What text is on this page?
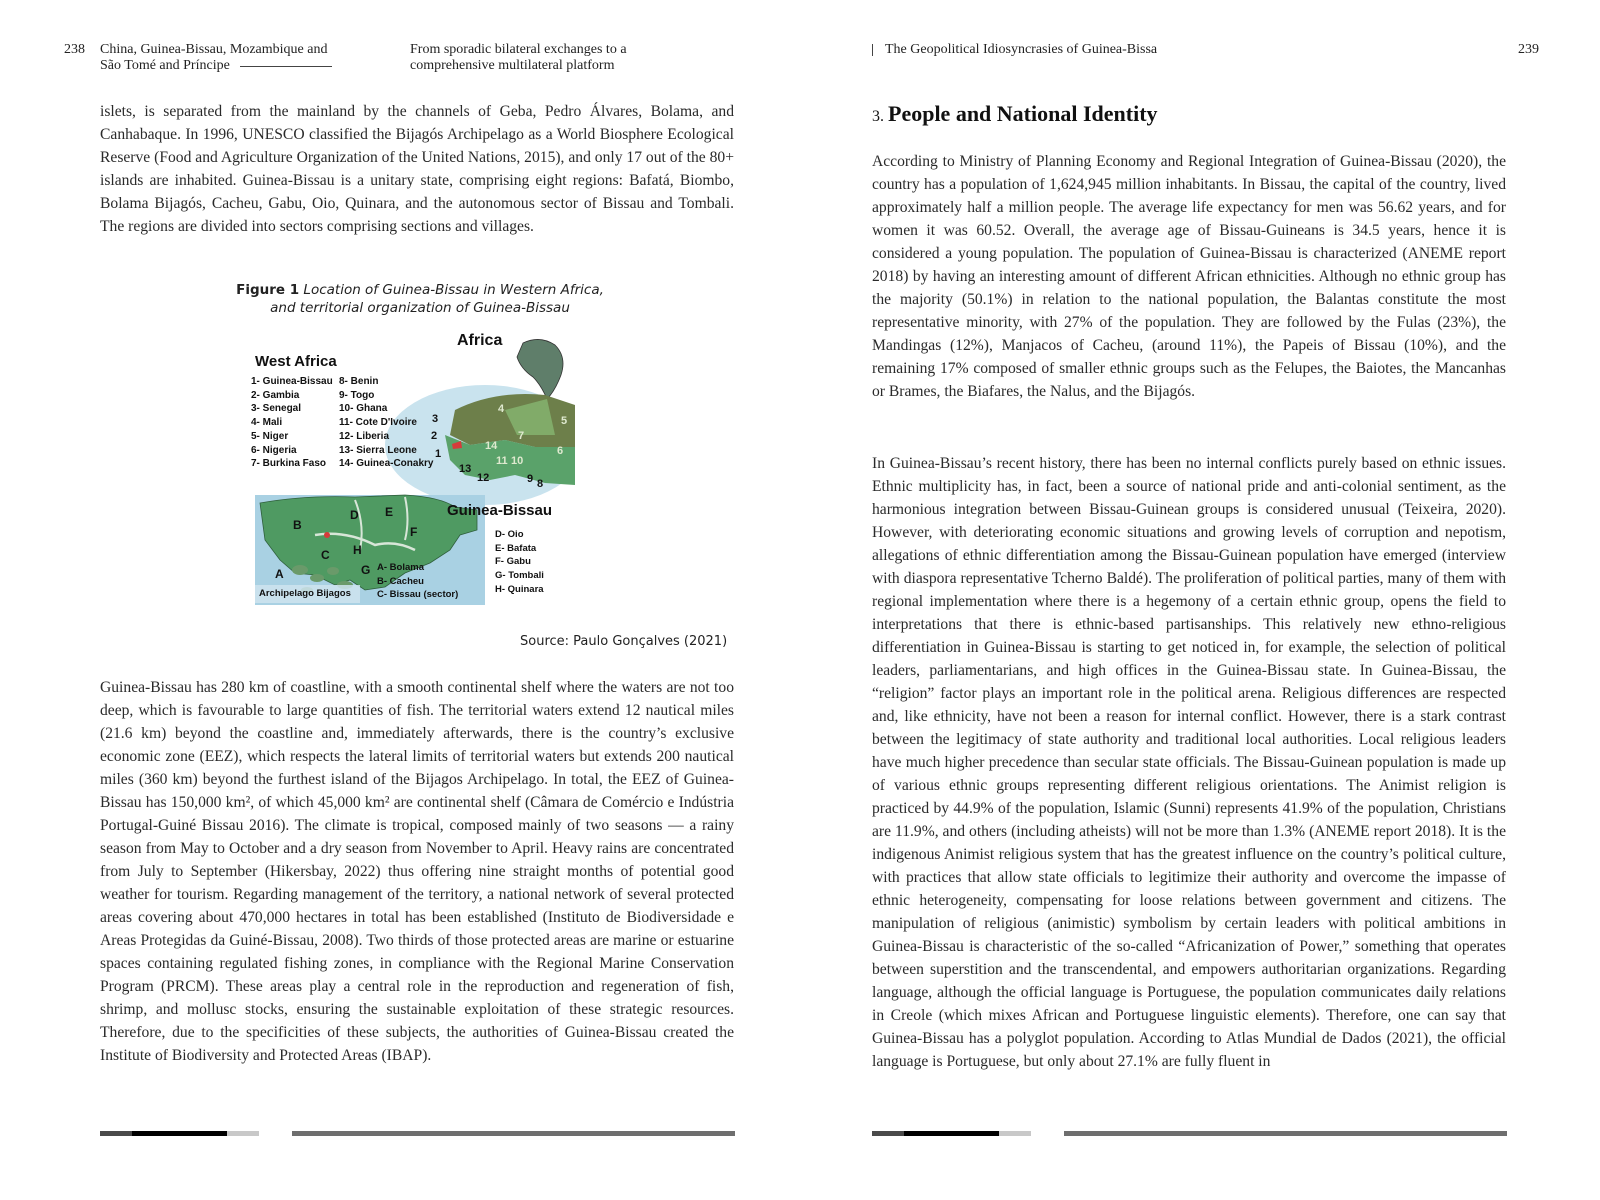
238 China, Guinea-Bissau, Mozambique and
São Tomé and Príncipe
From sporadic bilateral exchanges to a
comprehensive multilateral platform

islets, is separated from the mainland by the channels of Geba, Pedro Álvares, Bolama, and Canhabaque. In 1996, UNESCO classified the Bijagós Archipelago as a World Biosphere Ecological Reserve (Food and Agriculture Organization of the United Nations, 2015), and only 17 out of the 80+ islands are inhabited. Guinea-Bissau is a unitary state, comprising eight regions: Bafatá, Biombo, Bolama Bijagós, Cacheu, Gabu, Oio, Quinara, and the autonomous sector of Bissau and Tombali. The regions are divided into sectors comprising sections and villages.

Figure 1 Location of Guinea-Bissau in Western Africa,
and territorial organization of Guinea-Bissau
Africa
West Africa
1- Guinea-Bissau
2- Gambia
3- Senegal
4- Mali
5- Niger
6- Nigeria
7- Burkina Faso
8- Benin
9- Togo
10- Ghana
11- Cote D'Ivoire
12- Liberia
13- Sierra Leone
14- Guinea-Conakry
1
2
3
4
5
6
7
8
9
10
11
12
13
14
Guinea-Bissau
A
B
C
D E
F
G
H
A- Bolama
B- Cacheu
C- Bissau (sector)
D- Oio
E- Bafata
F- Gabu
G- Tombali
H- Quinara
Archipelago Bijagos
Source: Paulo Gonçalves (2021)

Guinea-Bissau has 280 km of coastline, with a smooth continental shelf where the waters are not too deep, which is favourable to large quantities of fish. The territorial waters extend 12 nautical miles (21.6 km) beyond the coastline and, immediately afterwards, there is the country’s exclusive economic zone (EEZ), which respects the lateral limits of territorial waters but extends 200 nautical miles (360 km) beyond the furthest island of the Bijagos Archipelago. In total, the EEZ of Guinea-Bissau has 150,000 km², of which 45,000 km² are continental shelf (Câmara de Comércio e Indústria Portugal-Guiné Bissau 2016). The climate is tropical, composed mainly of two seasons — a rainy season from May to October and a dry season from November to April. Heavy rains are concentrated from July to September (Hikersbay, 2022) thus offering nine straight months of potential good weather for tourism. Regarding management of the territory, a national network of several protected areas covering about 470,000 hectares in total has been established (Instituto de Biodiversidade e Areas Protegidas da Guiné-Bissau, 2008). Two thirds of those protected areas are marine or estuarine spaces containing regulated fishing zones, in compliance with the Regional Marine Conservation Program (PRCM). These areas play a central role in the reproduction and regeneration of fish, shrimp, and mollusc stocks, ensuring the sustainable exploitation of these strategic resources. Therefore, due to the specificities of these subjects, the authorities of Guinea-Bissau created the Institute of Biodiversity and Protected Areas (IBAP).

The Geopolitical Idiosyncrasies of Guinea-Bissa	239
3. People and National Identity

According to Ministry of Planning Economy and Regional Integration of Guinea-Bissau (2020), the country has a population of 1,624,945 million inhabitants. In Bissau, the capital of the country, lived approximately half a million people. The average life expectancy for men was 56.62 years, and for women it was 60.52. Overall, the average age of Bissau-Guineans is 34.5 years, hence it is considered a young population. The population of Guinea-Bissau is characterized (ANEME report 2018) by having an interesting amount of different African ethnicities. Although no ethnic group has the majority (50.1%) in relation to the national population, the Balantas constitute the most representative minority, with 27% of the population. They are followed by the Fulas (23%), the Mandingas (12%), Manjacos of Cacheu, (around 11%), the Papeis of Bissau (10%), and the remaining 17% composed of smaller ethnic groups such as the Felupes, the Baiotes, the Mancanhas or Brames, the Biafares, the Nalus, and the Bijagós.

In Guinea-Bissau’s recent history, there has been no internal conflicts purely based on ethnic issues. Ethnic multiplicity has, in fact, been a source of national pride and anti-colonial sentiment, as the harmonious integration between Bissau-Guinean groups is considered unusual (Teixeira, 2020). However, with deteriorating economic situations and growing levels of corruption and nepotism, allegations of ethnic differentiation among the Bissau-Guinean population have emerged (interview with diaspora representative Tcherno Baldé). The proliferation of political parties, many of them with regional implementation where there is a hegemony of a certain ethnic group, opens the field to interpretations that there is ethnic-based partisanships. This relatively new ethno-religious differentiation in Guinea-Bissau is starting to get noticed in, for example, the selection of political leaders, parliamentarians, and high offices in the Guinea-Bissau state. In Guinea-Bissau, the “religion” factor plays an important role in the political arena. Religious differences are respected and, like ethnicity, have not been a reason for internal conflict. However, there is a stark contrast between the legitimacy of state authority and traditional local authorities. Local religious leaders have much higher precedence than secular state officials. The Bissau-Guinean population is made up of various ethnic groups representing different religious orientations. The Animist religion is practiced by 44.9% of the population, Islamic (Sunni) represents 41.9% of the population, Christians are 11.9%, and others (including atheists) will not be more than 1.3% (ANEME report 2018). It is the indigenous Animist religious system that has the greatest influence on the country’s political culture, with practices that allow state officials to legitimize their authority and overcome the impasse of ethnic heterogeneity, compensating for loose relations between government and citizens. The manipulation of religious (animistic) symbolism by certain leaders with political ambitions in Guinea-Bissau is characteristic of the so-called “Africanization of Power,” something that operates between superstition and the transcendental, and empowers authoritarian organizations. Regarding language, although the official language is Portuguese, the population communicates daily relations in Creole (which mixes African and Portuguese linguistic elements). Therefore, one can say that Guinea-Bissau has a polyglot population. According to Atlas Mundial de Dados (2021), the official language is Portuguese, but only about 27.1% are fully fluent in
